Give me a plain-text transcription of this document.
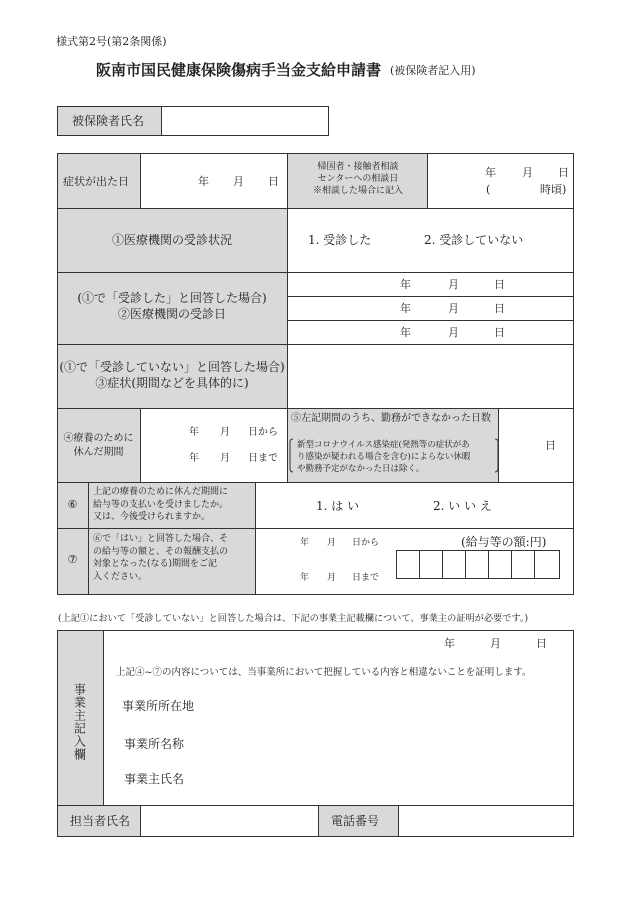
様式第2号(第2条関係)
阪南市国民健康保険傷病手当金支給申請書 (被保険者記入用)
被保険者氏名
症状が出た日	年 月 日
帰国者・接触者相談
センターへの相談日
※相談した場合に記入
年 月 日
(	時頃)
①医療機関の受診状況	1. 受診した	2. 受診していない
(①で「受診した」と回答した場合)
②医療機関の受診日
年	月	日
年	月	日
年	月	日
(①で「受診していない」と回答した場合)
③症状(期間などを具体的に)
④療養のために
休んだ期間
年 月 日から
年 月 日まで
⑤左記期間のうち、勤務ができなかった日数
新型コロナウイルス感染症(発熱等の症状があ
り感染が疑われる場合を含む)によらない休暇
や勤務予定がなかった日は除く。
日
⑥
上記の療養のために休んだ期間に
給与等の支払いを受けましたか。
又は、今後受けられますか。
1. は い	2. い い え
⑦
⑥で「はい」と回答した場合、そ
の給与等の額と、その報酬支払の
対象となった(なる)期間をご記
入ください。
年 月 日から	(給与等の額:円)
年 月 日まで
(上記①において「受診していない」と回答した場合は、下記の事業主記載欄について、事業主の証明が必要です。)
事業主記入欄
年	月	日
上記④~⑦の内容については、当事業所において把握している内容と相違ないことを証明します。
事業所所在地
事業所名称
事業主氏名
担当者氏名	電話番号
